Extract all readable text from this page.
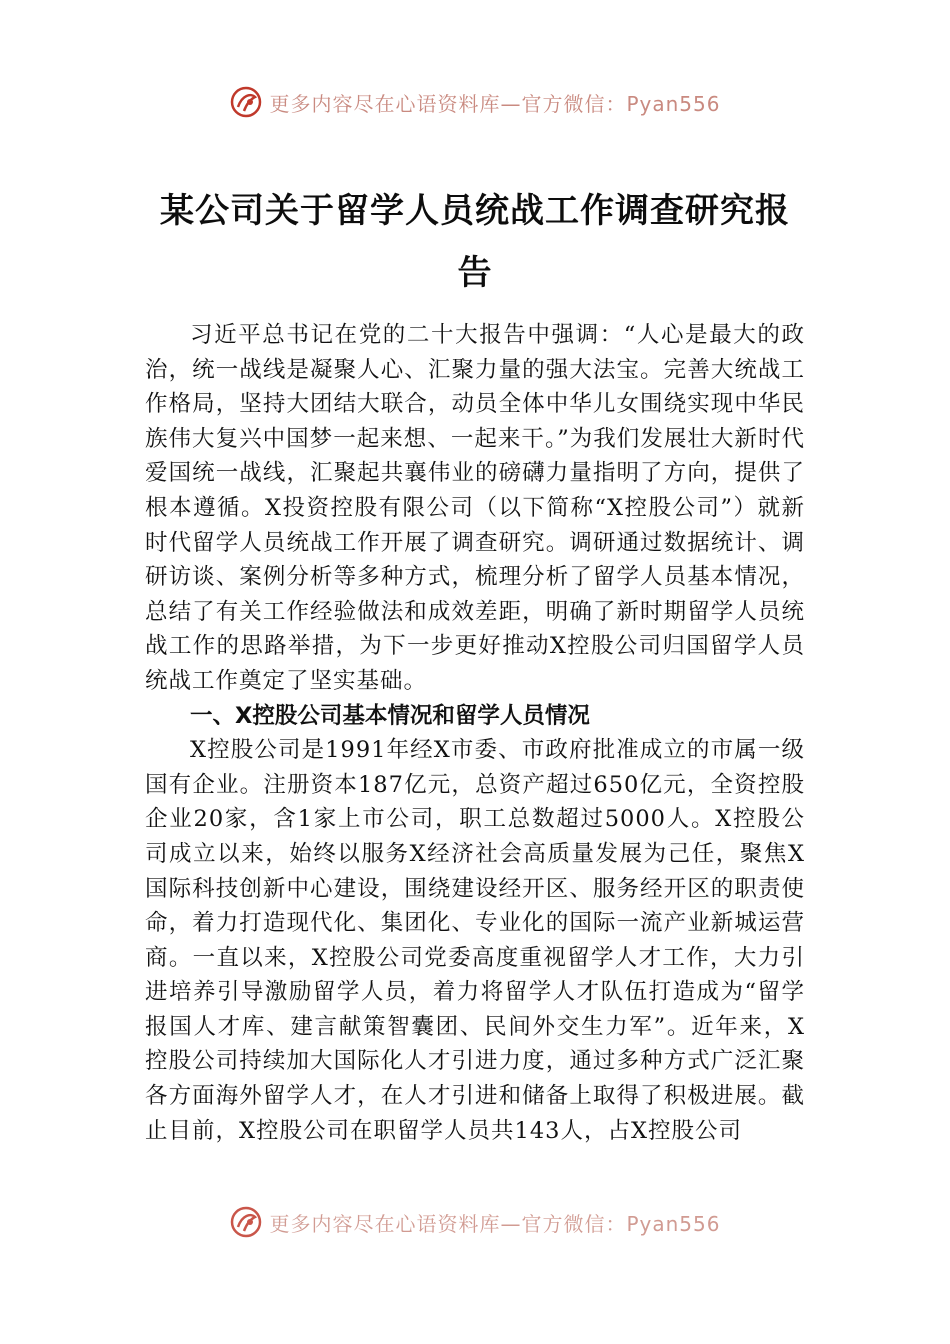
更多内容尽在心语资料库—官方微信：Pyan556
某公司关于留学人员统战工作调查研究报告

习近平总书记在党的二十大报告中强调：“人心是最大的政治，统一战线是凝聚人心、汇聚力量的强大法宝。完善大统战工作格局，坚持大团结大联合，动员全体中华儿女围绕实现中华民族伟大复兴中国梦一起来想、一起来干。”为我们发展壮大新时代爱国统一战线，汇聚起共襄伟业的磅礴力量指明了方向，提供了根本遵循。X投资控股有限公司（以下简称“X控股公司”）就新时代留学人员统战工作开展了调查研究。调研通过数据统计、调研访谈、案例分析等多种方式，梳理分析了留学人员基本情况，总结了有关工作经验做法和成效差距，明确了新时期留学人员统战工作的思路举措，为下一步更好推动X控股公司归国留学人员统战工作奠定了坚实基础。

一、X控股公司基本情况和留学人员情况

X控股公司是1991年经X市委、市政府批准成立的市属一级国有企业。注册资本187亿元，总资产超过650亿元，全资控股企业20家，含1家上市公司，职工总数超过5000人。X控股公司成立以来，始终以服务X经济社会高质量发展为己任，聚焦X国际科技创新中心建设，围绕建设经开区、服务经开区的职责使命，着力打造现代化、集团化、专业化的国际一流产业新城运营商。一直以来，X控股公司党委高度重视留学人才工作，大力引进培养引导激励留学人员，着力将留学人才队伍打造成为“留学报国人才库、建言献策智囊团、民间外交生力军”。近年来，X控股公司持续加大国际化人才引进力度，通过多种方式广泛汇聚各方面海外留学人才，在人才引进和储备上取得了积极进展。截止目前，X控股公司在职留学人员共143人，占X控股公司

更多内容尽在心语资料库—官方微信：Pyan556
